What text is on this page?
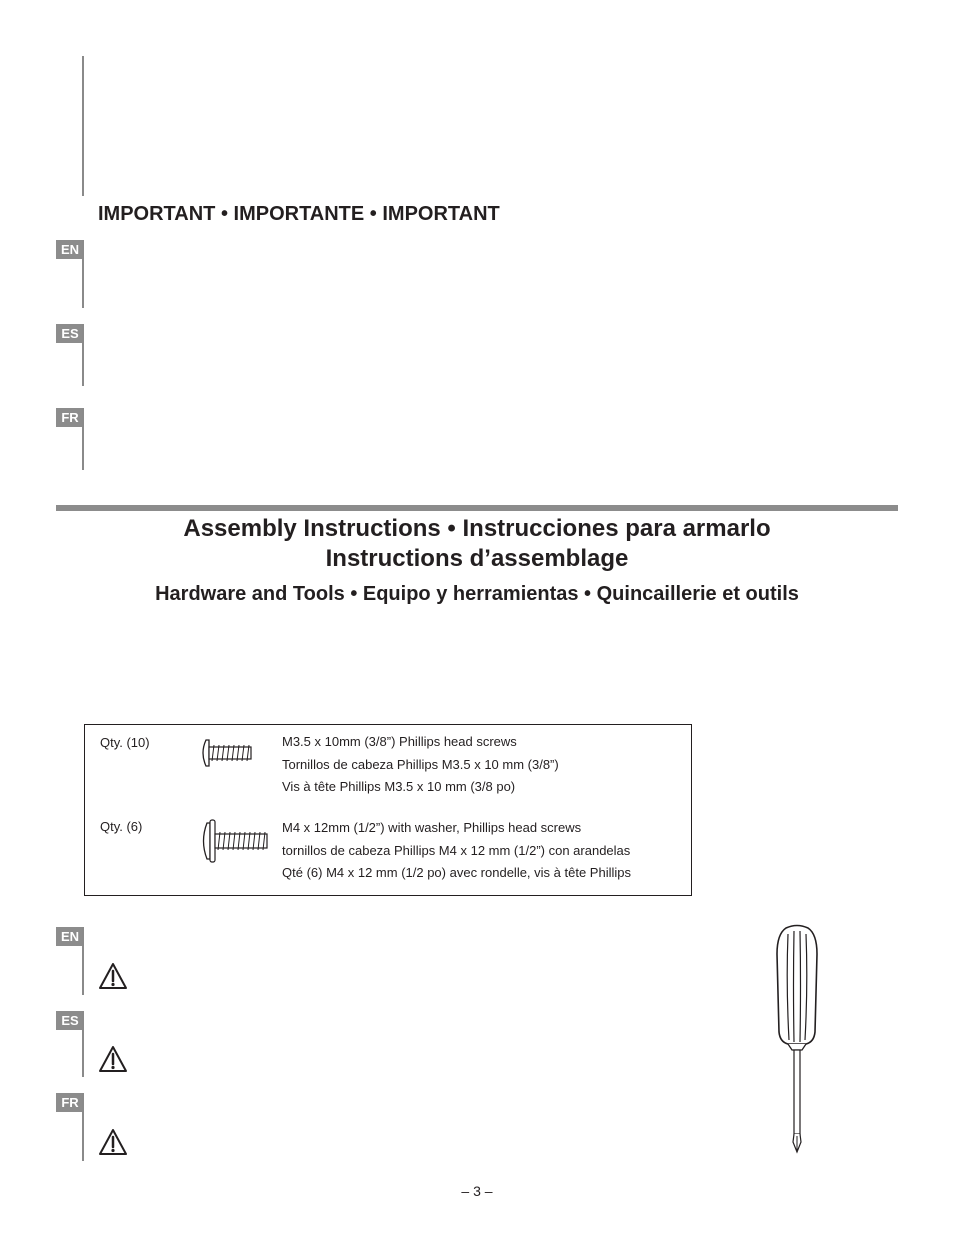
IMPORTANT • IMPORTANTE • IMPORTANT
EN
ES
FR
Assembly Instructions • Instrucciones para armarlo
Instructions d’assemblage
Hardware and Tools • Equipo y herramientas • Quincaillerie et outils
Qty. (10)	M3.5 x 10mm (3/8”) Phillips head screws
Tornillos de cabeza Phillips M3.5 x 10 mm (3/8”)
Vis à tête Phillips M3.5 x 10 mm (3/8 po)
Qty. (6)	M4 x 12mm (1/2”) with washer, Phillips head screws
tornillos de cabeza Phillips M4 x 12 mm (1/2”) con arandelas
Qté (6) M4 x 12 mm (1/2 po) avec rondelle, vis à tête Phillips
EN
ES
FR
– 3 –
